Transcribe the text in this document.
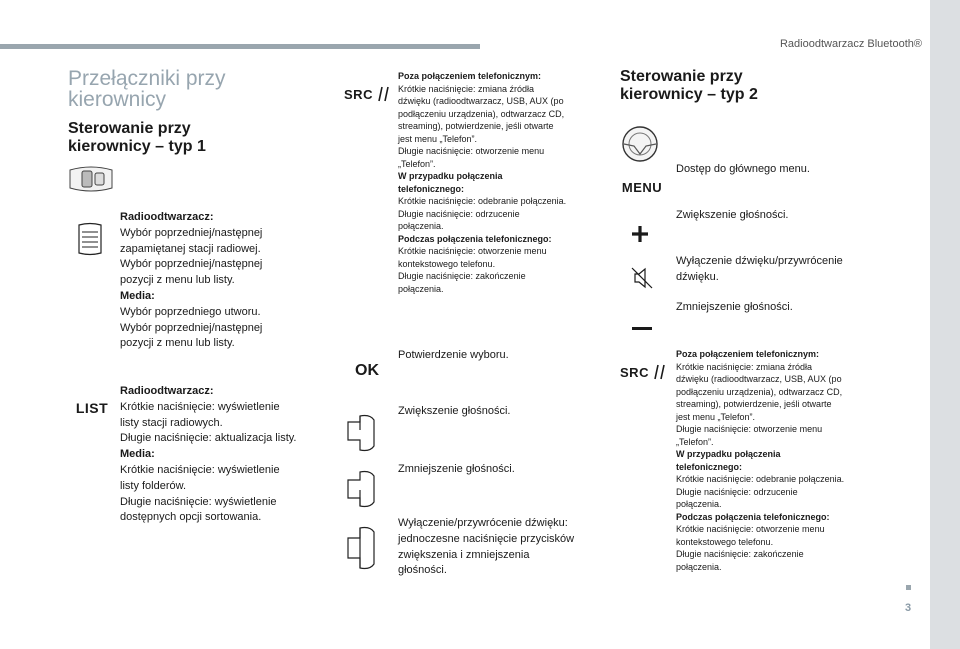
Radioodtwarzacz Bluetooth®
3
Przełączniki przy
kierownicy
Sterowanie przy
kierownicy – typ 1
Radioodtwarzacz:
Wybór poprzedniej/następnej
zapamiętanej stacji radiowej.
Wybór poprzedniej/następnej
pozycji z menu lub listy.
Media:
Wybór poprzedniego utworu.
Wybór poprzedniej/następnej
pozycji z menu lub listy.
LIST
Radioodtwarzacz:
Krótkie naciśnięcie: wyświetlenie
listy stacji radiowych.
Długie naciśnięcie: aktualizacja listy.
Media:
Krótkie naciśnięcie: wyświetlenie
listy folderów.
Długie naciśnięcie: wyświetlenie
dostępnych opcji sortowania.
SRC
Poza połączeniem telefonicznym:
Krótkie naciśnięcie: zmiana źródła
dźwięku (radioodtwarzacz, USB, AUX (po
podłączeniu urządzenia), odtwarzacz CD,
streaming), potwierdzenie, jeśli otwarte
jest menu „Telefon”.
Długie naciśnięcie: otworzenie menu
„Telefon”.
W przypadku połączenia
telefonicznego:
Krótkie naciśnięcie: odebranie połączenia.
Długie naciśnięcie: odrzucenie
połączenia.
Podczas połączenia telefonicznego:
Krótkie naciśnięcie: otworzenie menu
kontekstowego telefonu.
Długie naciśnięcie: zakończenie
połączenia.
OK
Potwierdzenie wyboru.
Zwiększenie głośności.
Zmniejszenie głośności.
Wyłączenie/przywrócenie dźwięku:
jednoczesne naciśnięcie przycisków
zwiększenia i zmniejszenia
głośności.
Sterowanie przy
kierownicy – typ 2
MENU
Dostęp do głównego menu.
Zwiększenie głośności.
Wyłączenie dźwięku/przywrócenie
dźwięku.
Zmniejszenie głośności.
SRC
Poza połączeniem telefonicznym:
Krótkie naciśnięcie: zmiana źródła
dźwięku (radioodtwarzacz, USB, AUX (po
podłączeniu urządzenia), odtwarzacz CD,
streaming), potwierdzenie, jeśli otwarte
jest menu „Telefon”.
Długie naciśnięcie: otworzenie menu
„Telefon”.
W przypadku połączenia
telefonicznego:
Krótkie naciśnięcie: odebranie połączenia.
Długie naciśnięcie: odrzucenie
połączenia.
Podczas połączenia telefonicznego:
Krótkie naciśnięcie: otworzenie menu
kontekstowego telefonu.
Długie naciśnięcie: zakończenie
połączenia.
